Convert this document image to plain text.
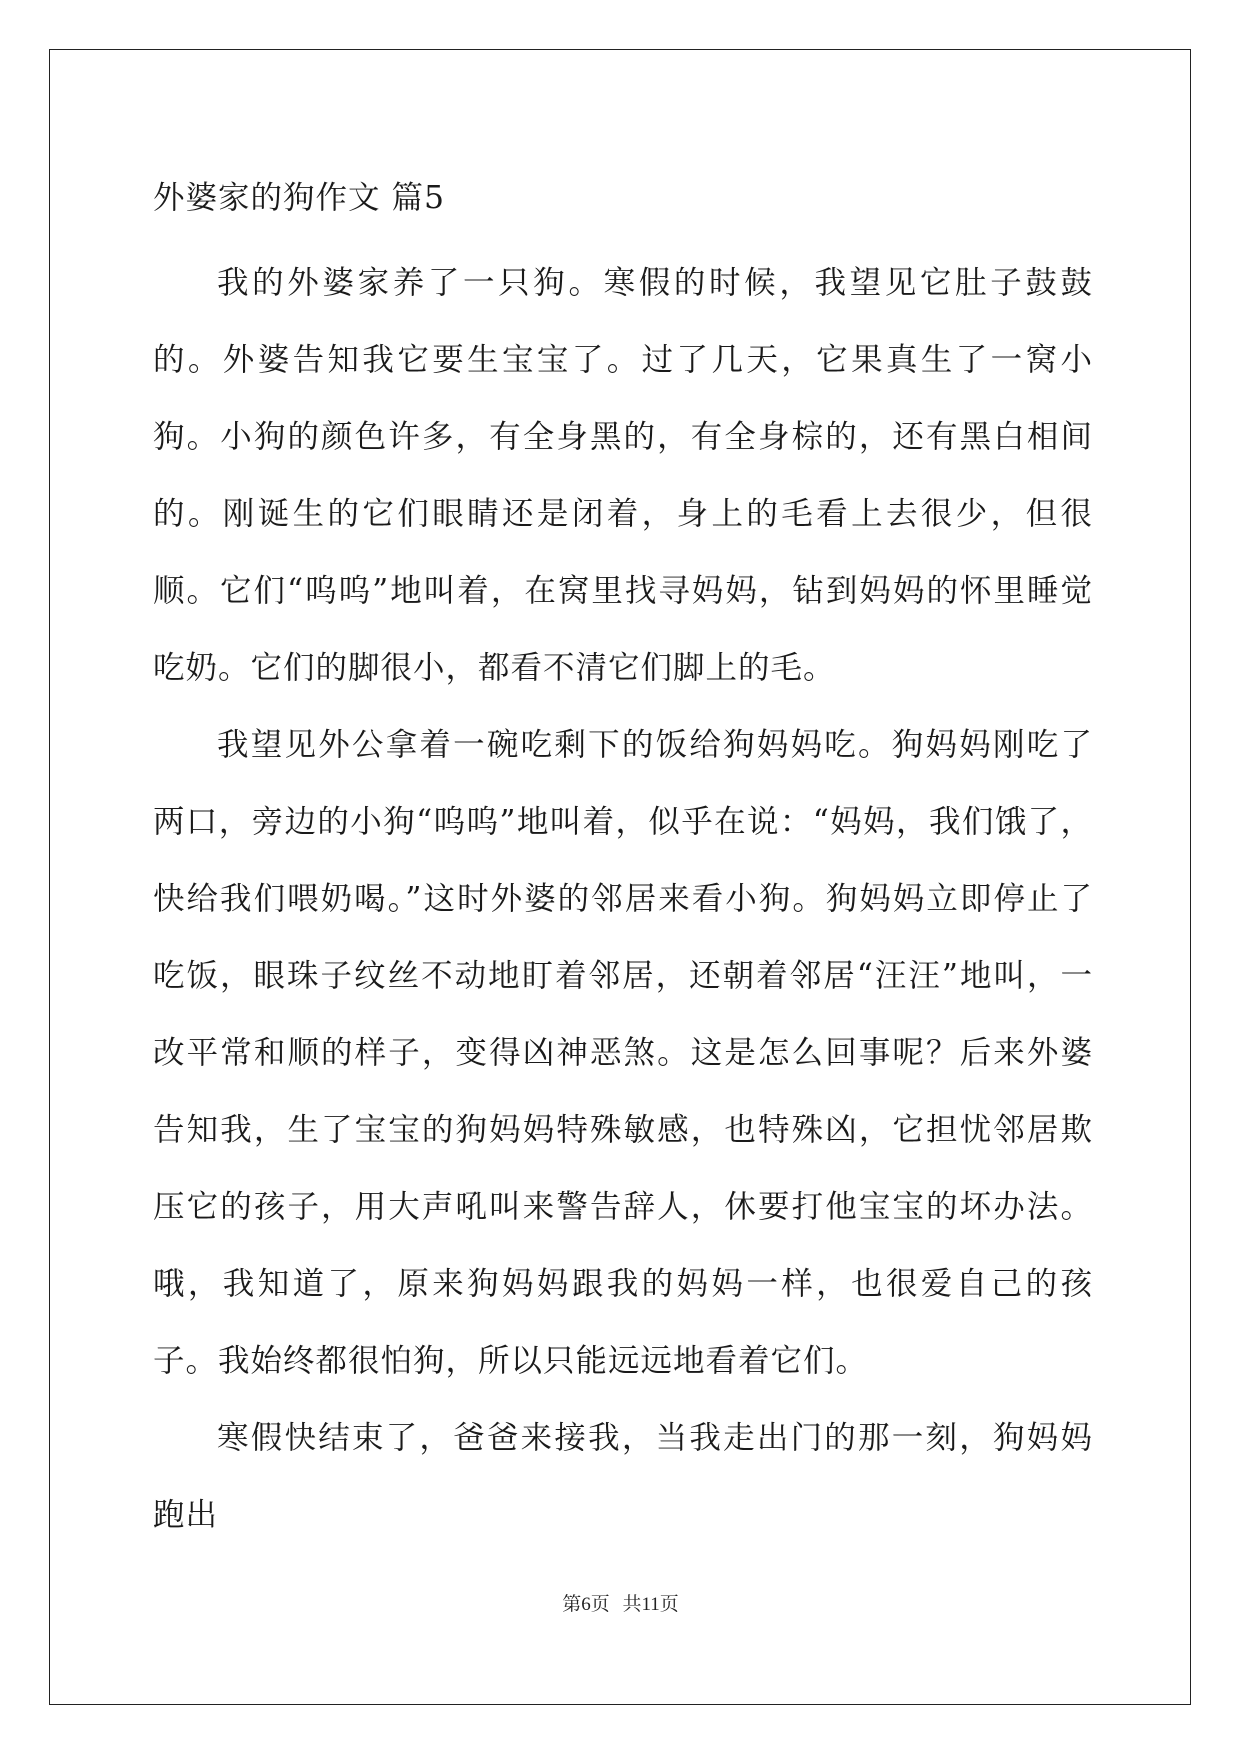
外婆家的狗作文 篇5

我的外婆家养了一只狗。寒假的时候，我望见它肚子鼓鼓的。外婆告知我它要生宝宝了。过了几天，它果真生了一窝小狗。小狗的颜色许多，有全身黑的，有全身棕的，还有黑白相间的。刚诞生的它们眼睛还是闭着，身上的毛看上去很少，但很顺。它们“呜呜”地叫着，在窝里找寻妈妈，钻到妈妈的怀里睡觉吃奶。它们的脚很小，都看不清它们脚上的毛。

我望见外公拿着一碗吃剩下的饭给狗妈妈吃。狗妈妈刚吃了两口，旁边的小狗“呜呜”地叫着，似乎在说：“妈妈，我们饿了，快给我们喂奶喝。”这时外婆的邻居来看小狗。狗妈妈立即停止了吃饭，眼珠子纹丝不动地盯着邻居，还朝着邻居“汪汪”地叫，一改平常和顺的样子，变得凶神恶煞。这是怎么回事呢？后来外婆告知我，生了宝宝的狗妈妈特殊敏感，也特殊凶，它担忧邻居欺压它的孩子，用大声吼叫来警告辞人，休要打他宝宝的坏办法。哦，我知道了，原来狗妈妈跟我的妈妈一样，也很爱自己的孩子。我始终都很怕狗，所以只能远远地看着它们。

寒假快结束了，爸爸来接我，当我走出门的那一刻，狗妈妈跑出

第6页 共11页
